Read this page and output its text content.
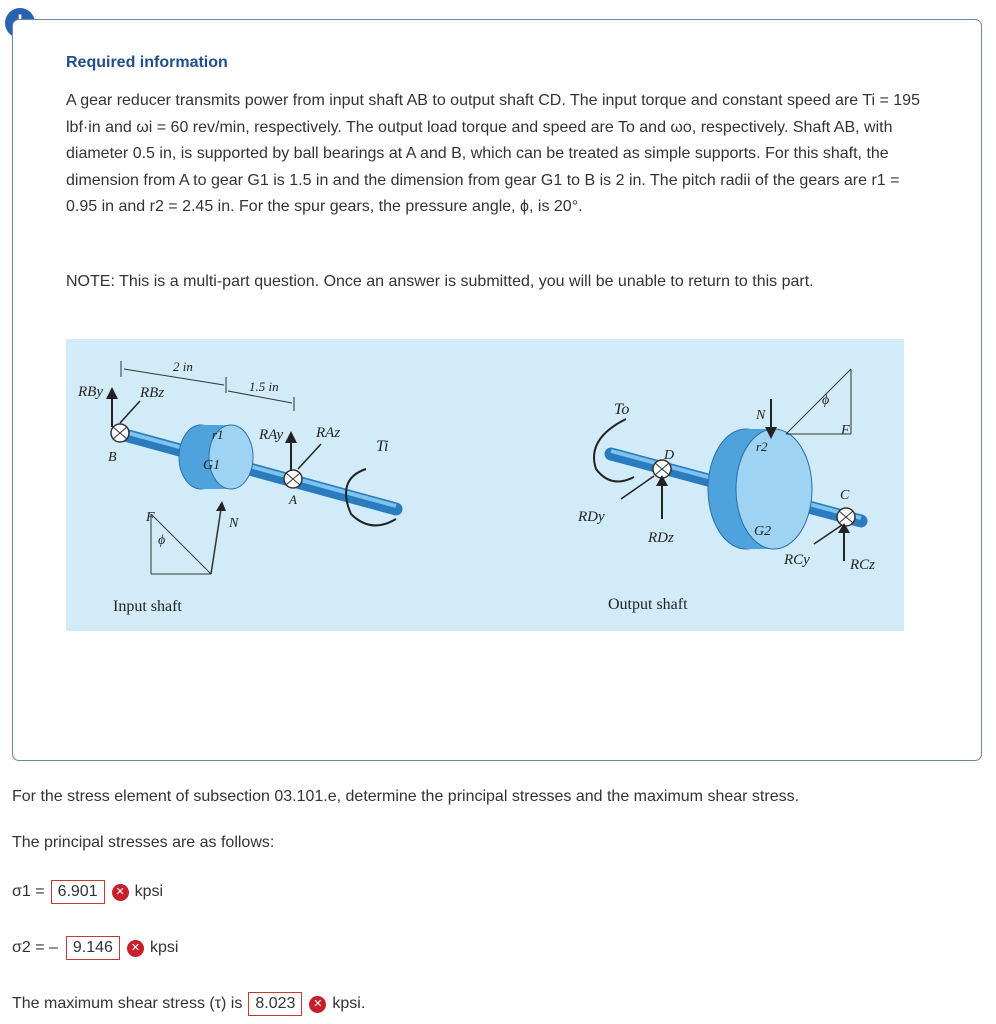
Required information
A gear reducer transmits power from input shaft AB to output shaft CD. The input torque and constant speed are Ti = 195 lbf·in and ωi = 60 rev/min, respectively. The output load torque and speed are To and ωo, respectively. Shaft AB, with diameter 0.5 in, is supported by ball bearings at A and B, which can be treated as simple supports. For this shaft, the dimension from A to gear G1 is 1.5 in and the dimension from gear G1 to B is 2 in. The pitch radii of the gears are r1 = 0.95 in and r2 = 2.45 in. For the spur gears, the pressure angle, ϕ, is 20°.
NOTE: This is a multi-part question. Once an answer is submitted, you will be unable to return to this part.
RBy RBz
2 in
1.5 in
RAy RAz
Ti
B
A
G1
r1
F	N
ϕ
Input shaft
To
D
C
N
F
ϕ
r2
G2
RDy
RDz
RCy	RCz
Output shaft
For the stress element of subsection 03.101.e, determine the principal stresses and the maximum shear stress.
The principal stresses are as follows:
σ1 = 6.901	✕ kpsi
σ2 = – 9.146	✕ kpsi
The maximum shear stress (τ) is 8.023	✕ kpsi.
